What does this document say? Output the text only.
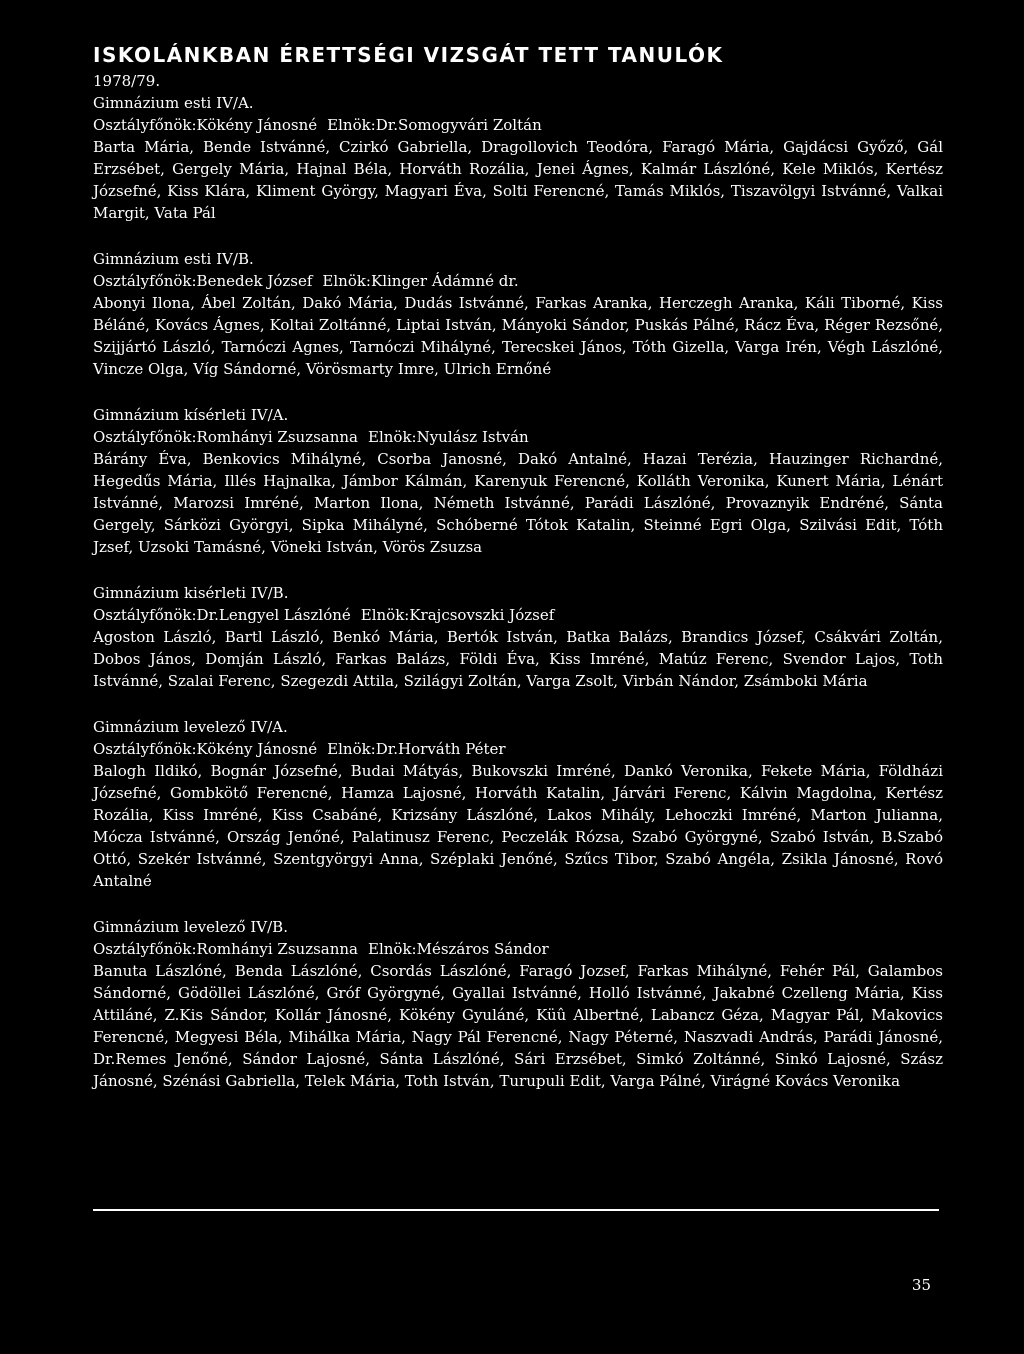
ISKOLÁNKBAN ÉRETTSÉGI VIZSGÁT TETT TANULÓK

1978/79.

Gimnázium esti IV/A.

Osztályfőnök:Kökény Jánosné Elnök:Dr.Somogyvári Zoltán

Barta Mária, Bende Istvánné, Czirkó Gabriella, Dragollovich Teodóra, Faragó Mária, Gajdácsi Győző, Gál Erzsébet, Gergely Mária, Hajnal Béla, Horváth Rozália, Jenei Ágnes, Kalmár Lászlóné, Kele Miklós, Kertész Józsefné, Kiss Klára, Kliment György, Magyari Éva, Solti Ferencné, Tamás Miklós, Tiszavölgyi Istvánné, Valkai Margit, Vata Pál

Gimnázium esti IV/B.

Osztályfőnök:Benedek József Elnök:Klinger Ádámné dr.

Abonyi Ilona, Ábel Zoltán, Dakó Mária, Dudás Istvánné, Farkas Aranka, Herczegh Aranka, Káli Tiborné, Kiss Béláné, Kovács Ágnes, Koltai Zoltánné, Liptai István, Mányoki Sándor, Puskás Pálné, Rácz Éva, Réger Rezsőné, Szijjártó László, Tarnóczi Agnes, Tarnóczi Mihályné, Terecskei János, Tóth Gizella, Varga Irén, Végh Lászlóné, Vincze Olga, Víg Sándorné, Vörösmarty Imre, Ulrich Ernőné

Gimnázium kísérleti IV/A.

Osztályfőnök:Romhányi Zsuzsanna Elnök:Nyulász István

Bárány Éva, Benkovics Mihályné, Csorba Janosné, Dakó Antalné, Hazai Terézia, Hauzinger Richardné, Hegedűs Mária, Illés Hajnalka, Jámbor Kálmán, Karenyuk Ferencné, Kolláth Veronika, Kunert Mária, Lénárt Istvánné, Marozsi Imréné, Marton Ilona, Németh Istvánné, Parádi Lászlóné, Provaznyik Endréné, Sánta Gergely, Sárközi Györgyi, Sipka Mihályné, Schóberné Tótok Katalin, Steinné Egri Olga, Szilvási Edit, Tóth Jzsef, Uzsoki Tamásné, Vöneki István, Vörös Zsuzsa

Gimnázium kisérleti IV/B.

Osztályfőnök:Dr.Lengyel Lászlóné Elnök:Krajcsovszki József

Agoston László, Bartl László, Benkó Mária, Bertók István, Batka Balázs, Brandics József, Csákvári Zoltán, Dobos János, Domján László, Farkas Balázs, Földi Éva, Kiss Imréné, Matúz Ferenc, Svendor Lajos, Toth Istvánné, Szalai Ferenc, Szegezdi Attila, Szilágyi Zoltán, Varga Zsolt, Virbán Nándor, Zsámboki Mária

Gimnázium levelező IV/A.

Osztályfőnök:Kökény Jánosné Elnök:Dr.Horváth Péter

Balogh Ildikó, Bognár Józsefné, Budai Mátyás, Bukovszki Imréné, Dankó Veronika, Fekete Mária, Földházi Józsefné, Gombkötő Ferencné, Hamza Lajosné, Horváth Katalin, Járvári Ferenc, Kálvin Magdolna, Kertész Rozália, Kiss Imréné, Kiss Csabáné, Krizsány Lászlóné, Lakos Mihály, Lehoczki Imréné, Marton Julianna, Mócza Istvánné, Ország Jenőné, Palatinusz Ferenc, Peczelák Rózsa, Szabó Györgyné, Szabó István, B.Szabó Ottó, Szekér Istvánné, Szentgyörgyi Anna, Széplaki Jenőné, Szűcs Tibor, Szabó Angéla, Zsikla Jánosné, Rovó Antalné

Gimnázium levelező IV/B.

Osztályfőnök:Romhányi Zsuzsanna Elnök:Mészáros Sándor

Banuta Lászlóné, Benda Lászlóné, Csordás Lászlóné, Faragó Jozsef, Farkas Mihályné, Fehér Pál, Galambos Sándorné, Gödöllei Lászlóné, Gróf Györgyné, Gyallai Istvánné, Holló Istvánné, Jakabné Czelleng Mária, Kiss Attiláné, Z.Kis Sándor, Kollár Jánosné, Kökény Gyuláné, Küû Albertné, Labancz Géza, Magyar Pál, Makovics Ferencné, Megyesi Béla, Mihálka Mária, Nagy Pál Ferencné, Nagy Péterné, Naszvadi András, Parádi Jánosné, Dr.Remes Jenőné, Sándor Lajosné, Sánta Lászlóné, Sári Erzsébet, Simkó Zoltánné, Sinkó Lajosné, Szász Jánosné, Szénási Gabriella, Telek Mária, Toth István, Turupuli Edit, Varga Pálné, Virágné Kovács Veronika

35
